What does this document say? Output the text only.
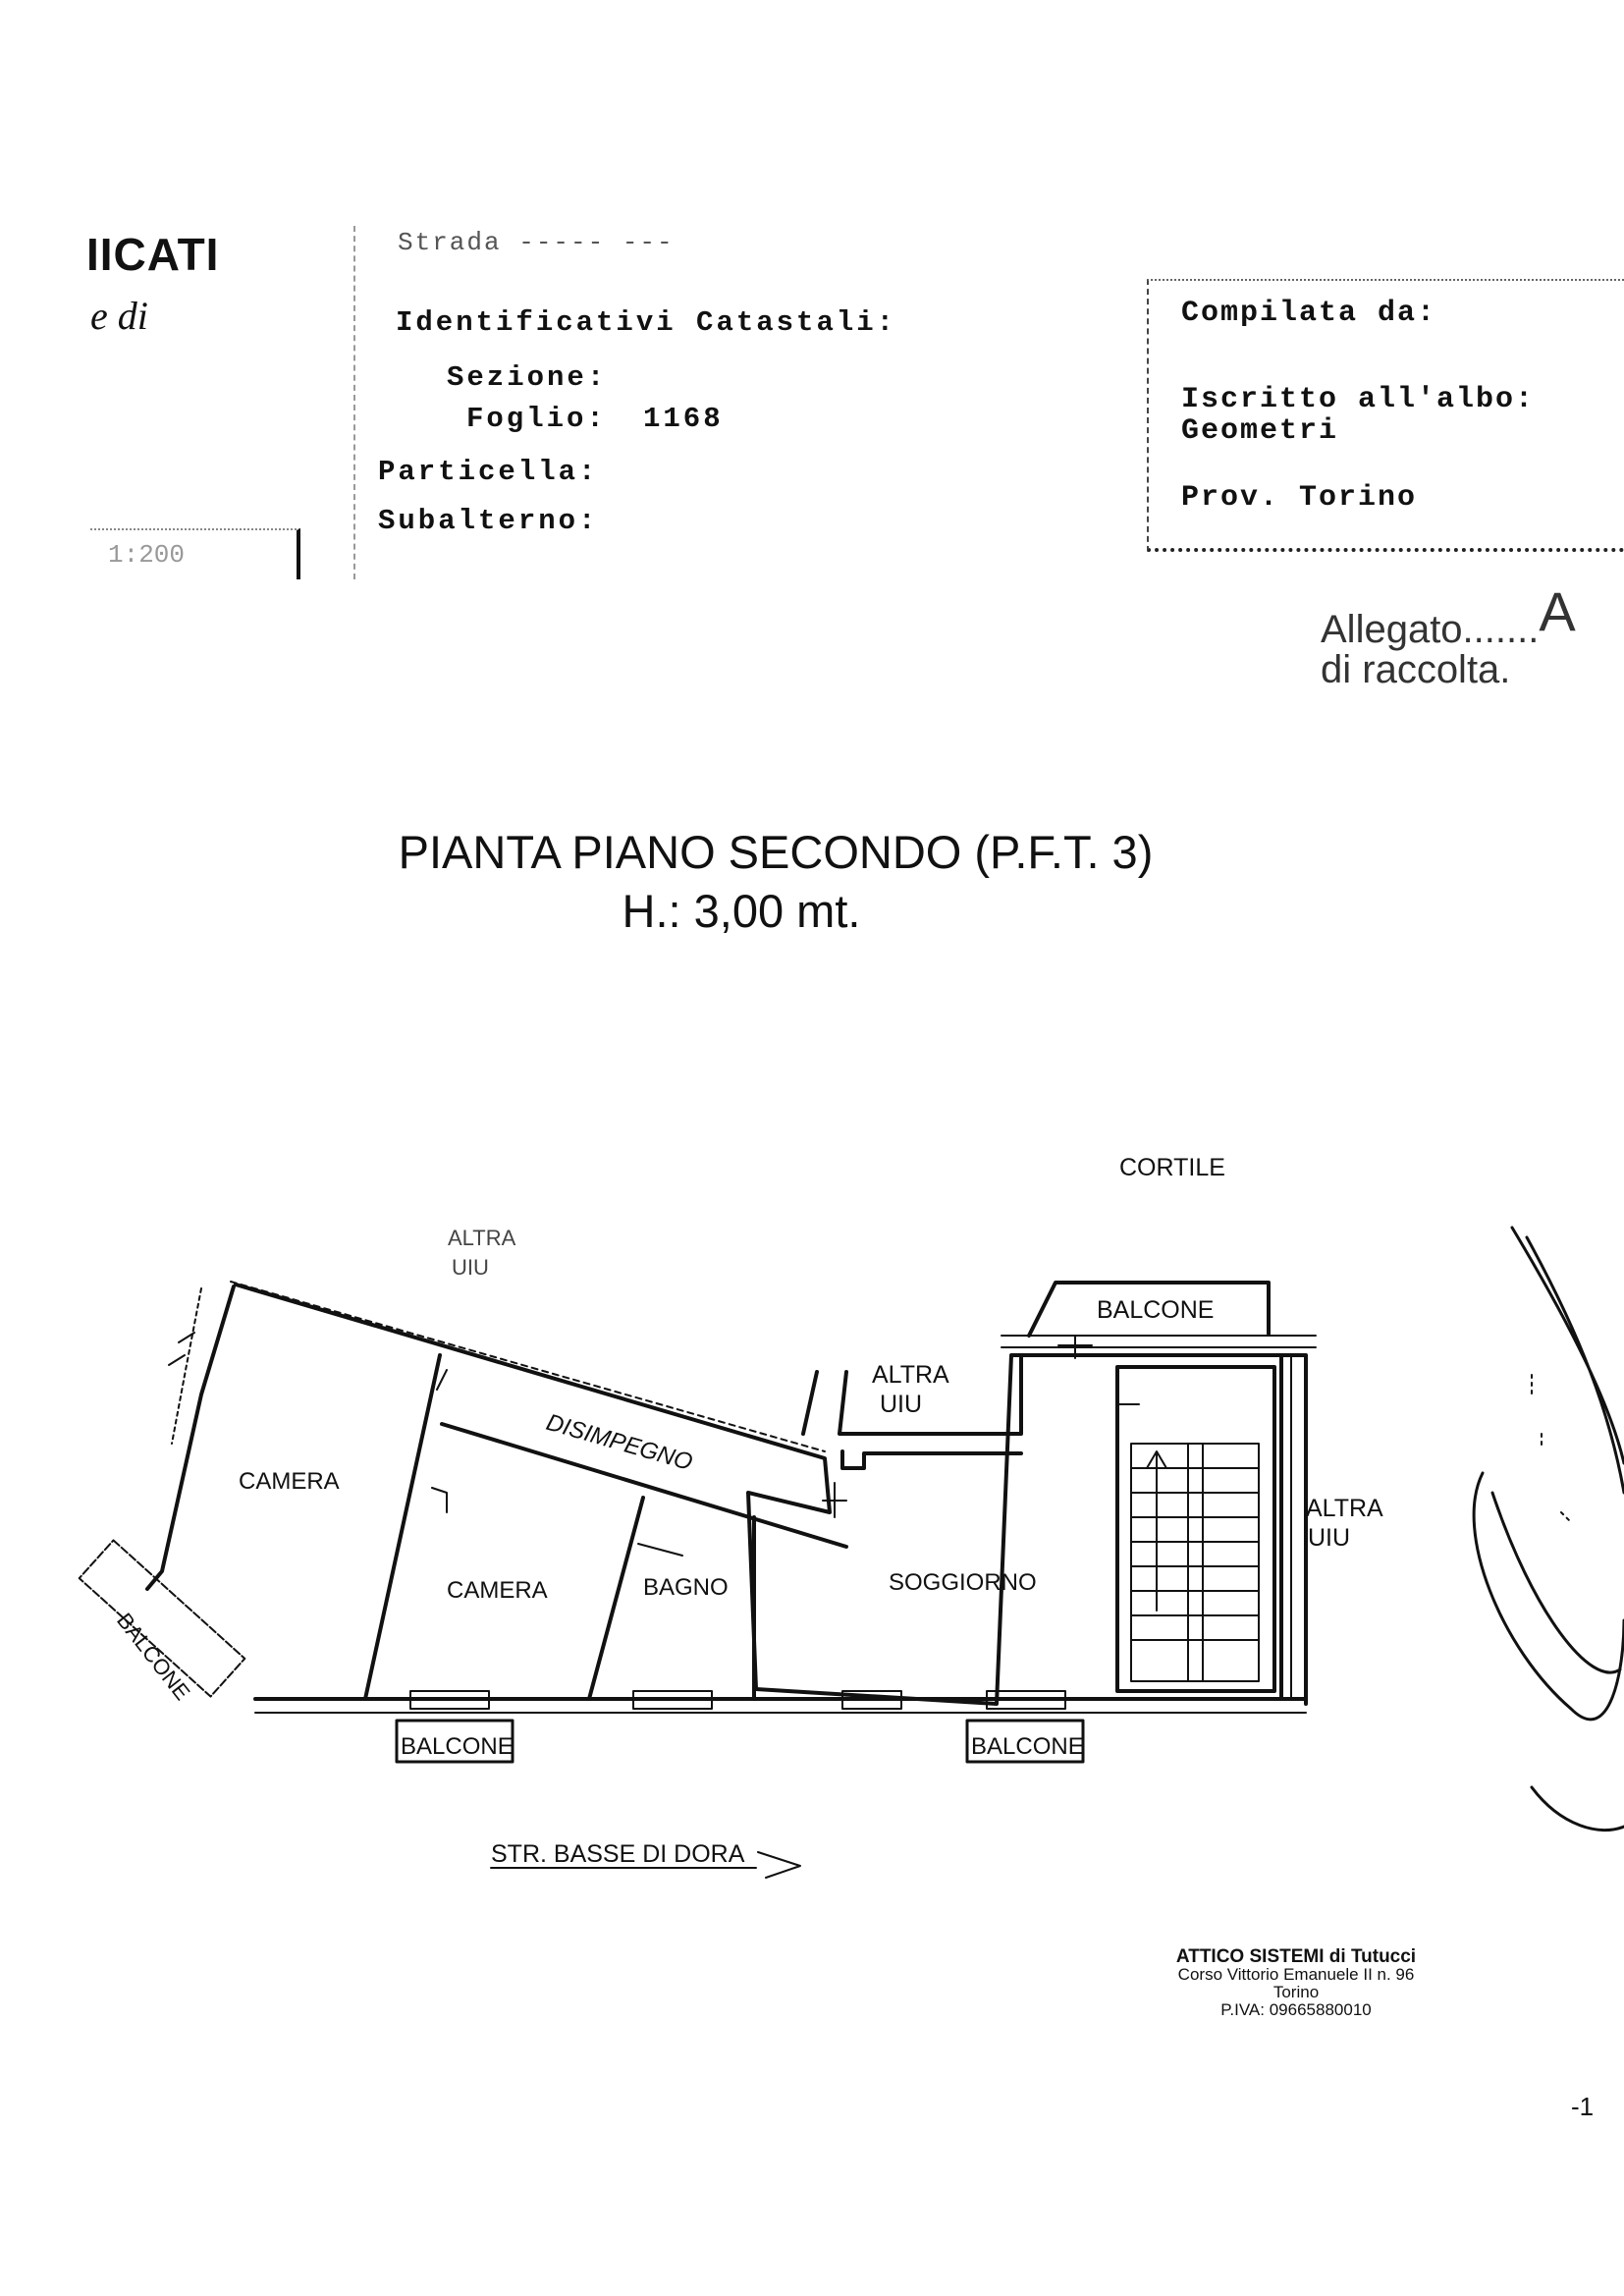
IICATI
e di
1:200
Strada ----- ---
Identificativi Catastali:
Sezione:
Foglio: 1168
Particella:
Subalterno:
Compilata da:
Iscritto all'albo:
Geometri
Prov. Torino
Allegato.......A
di raccolta.
PIANTA PIANO SECONDO (P.F.T. 3)
H.: 3,00 mt.
CORTILE
ALTRA
UIU
BALCONE
ALTRA
UIU
DISIMPEGNO
CAMERA
ALTRA
UIU
CAMERA	BAGNO	SOGGIORNO
BALCONE
BALCONE	BALCONE
STR. BASSE DI DORA
ATTICO SISTEMI di Tutucci
Corso Vittorio Emanuele II n. 96
Torino
P.IVA: 09665880010
-1
